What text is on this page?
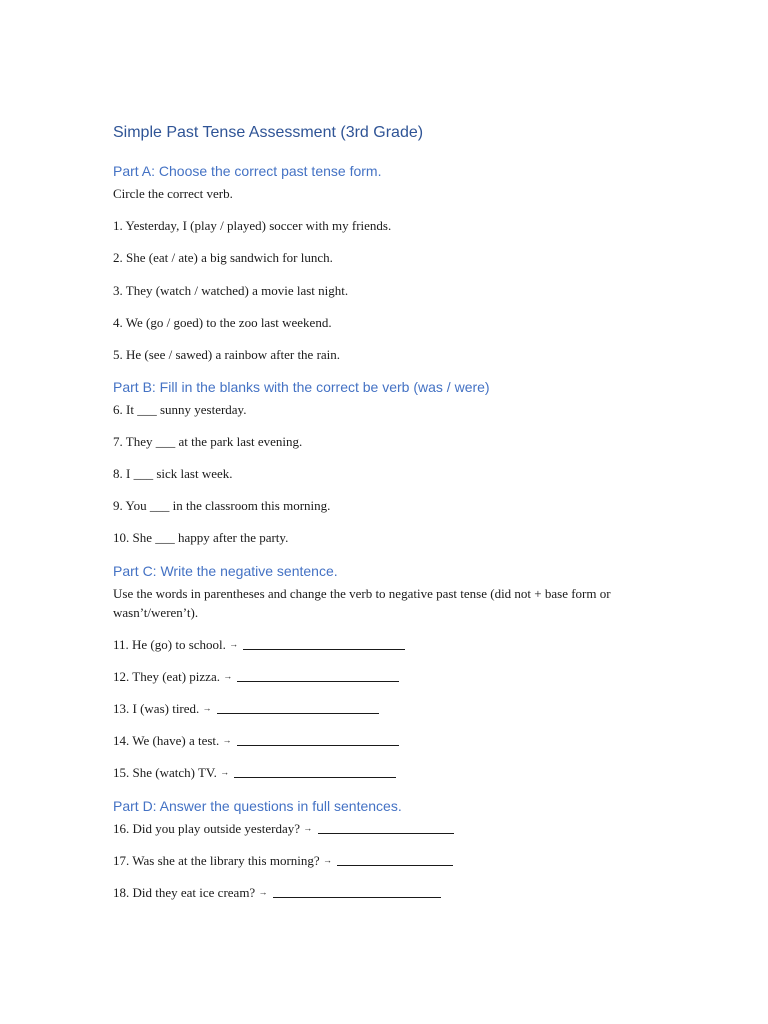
Simple Past Tense Assessment (3rd Grade)
Part A: Choose the correct past tense form.
Circle the correct verb.
1. Yesterday, I (play / played) soccer with my friends.
2. She (eat / ate) a big sandwich for lunch.
3. They (watch / watched) a movie last night.
4. We (go / goed) to the zoo last weekend.
5. He (see / sawed) a rainbow after the rain.
Part B: Fill in the blanks with the correct be verb (was / were)
6. It ___ sunny yesterday.
7. They ___ at the park last evening.
8. I ___ sick last week.
9. You ___ in the classroom this morning.
10. She ___ happy after the party.
Part C: Write the negative sentence.
Use the words in parentheses and change the verb to negative past tense (did not + base form or wasn’t/weren’t).
11. He (go) to school. →
12. They (eat) pizza. →
13. I (was) tired. →
14. We (have) a test. →
15. She (watch) TV. →
Part D: Answer the questions in full sentences.
16. Did you play outside yesterday? →
17. Was she at the library this morning? →
18. Did they eat ice cream? →
